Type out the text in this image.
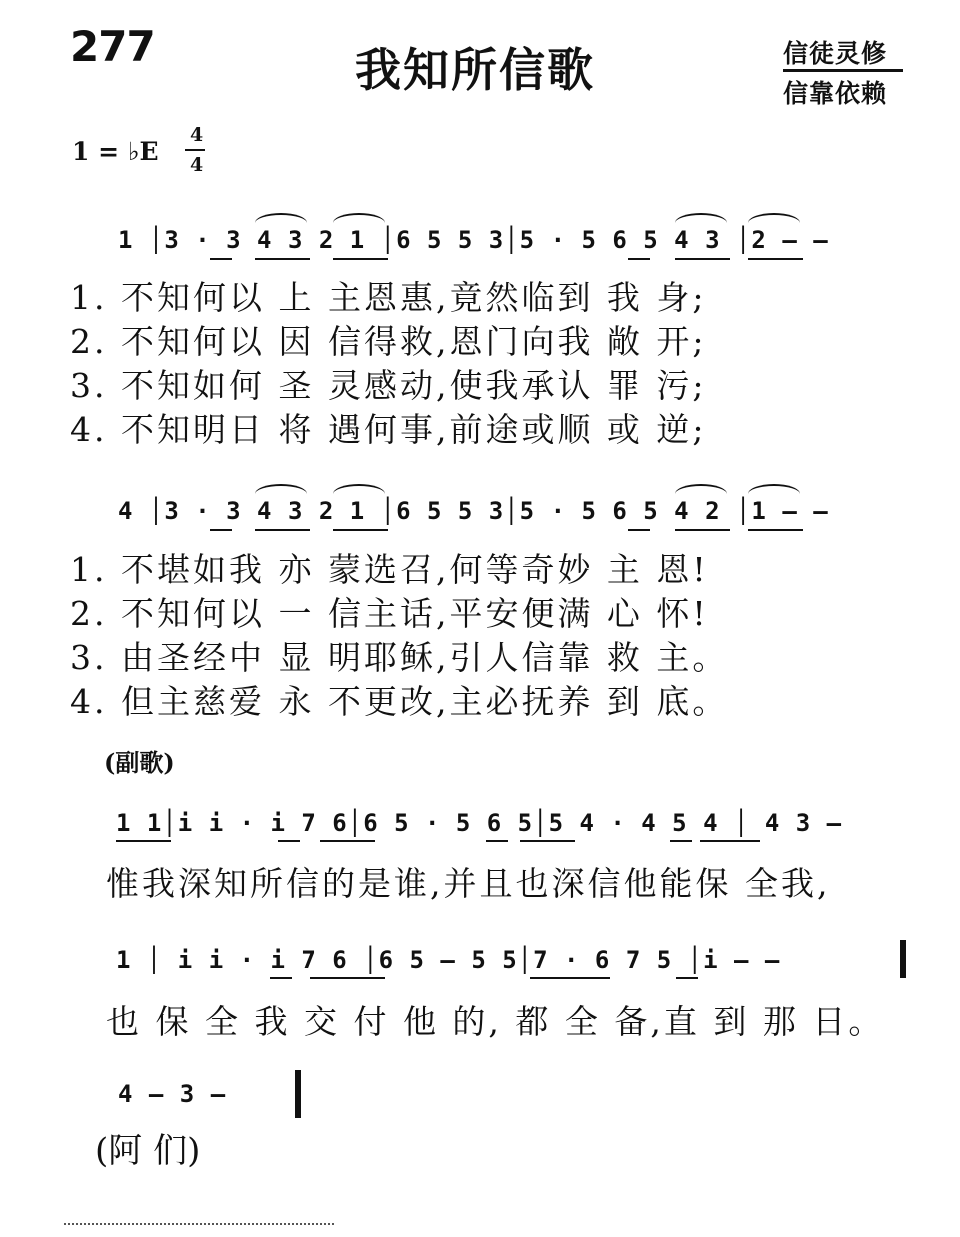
277	我知所信歌	信徒灵修
信靠依赖
1 = ♭E
4
4
1 │3 · 3 4 3 2 1 │6 5 5 3│5 · 5 6 5 4 3 │2 – –
1. 不知何以 上 主恩惠,竟然临到 我 身;
2. 不知何以 因 信得救,恩门向我 敞 开;
3. 不知如何 圣 灵感动,使我承认 罪 污;
4. 不知明日 将 遇何事,前途或顺 或 逆;
4 │3 · 3 4 3 2 1 │6 5 5 3│5 · 5 6 5 4 2 │1 – –
1. 不堪如我 亦 蒙选召,何等奇妙 主 恩!
2. 不知何以 一 信主话,平安便满 心 怀!
3. 由圣经中 显 明耶稣,引人信靠 救 主。
4. 但主慈爱 永 不更改,主必抚养 到 底。
(副歌)
1 1│i i · i 7 6│6 5 · 5 6 5│5 4 · 4 5 4 │ 4 3 –
惟我深知所信的是谁,并且也深信他能保 全我,
1 │ i i · i 7 6 │6 5 – 5 5│7 · 6 7 5 │i – –
也 保 全 我 交 付 他 的, 都 全 备,直 到 那 日。
4 – 3 –
(阿 们)
